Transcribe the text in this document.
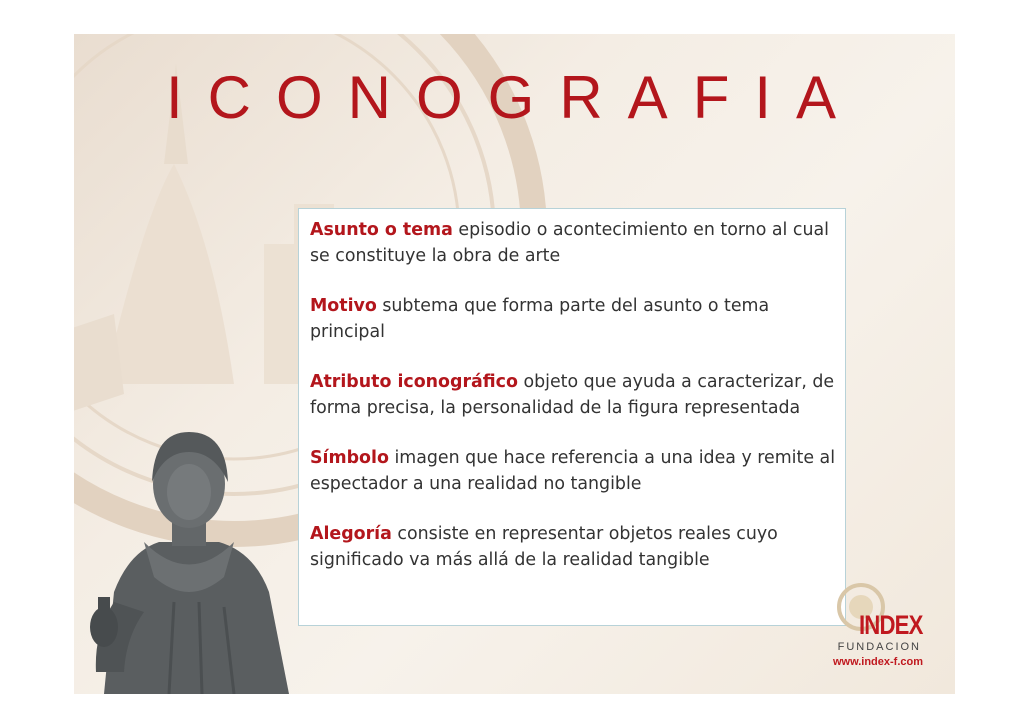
ICONOGRAFIA

Asunto o tema episodio o acontecimiento en torno al cual se constituye la obra de arte

Motivo subtema que forma parte del asunto o tema principal

Atributo iconográfico objeto que ayuda a caracterizar, de forma precisa, la personalidad de la figura representada

Símbolo imagen que hace referencia a una idea y remite al espectador a una realidad no tangible

Alegoría consiste en representar objetos reales cuyo significado va más allá de la realidad tangible

INDEX
FUNDACION
www.index-f.com
